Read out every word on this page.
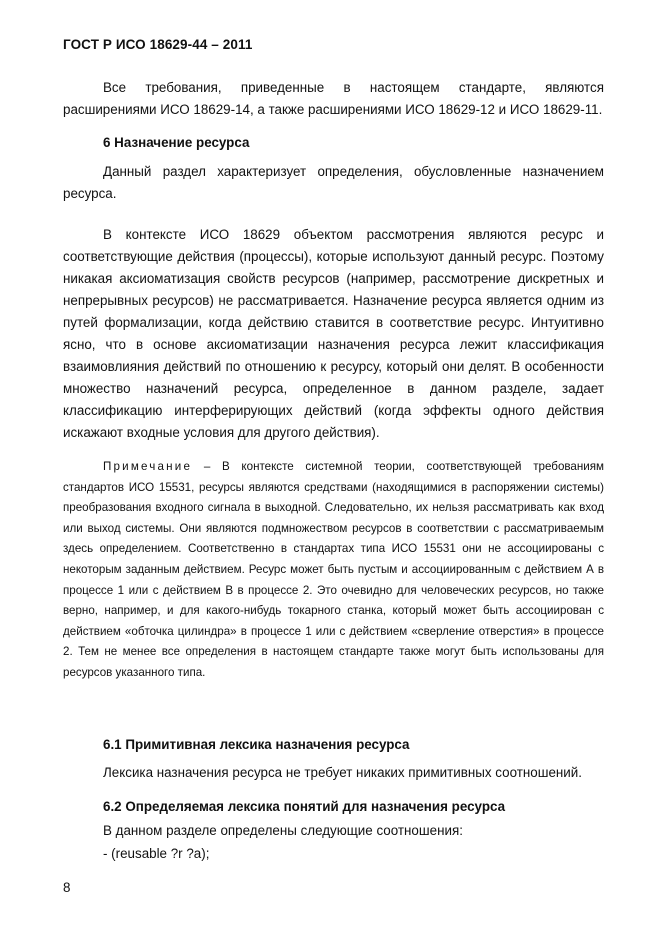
ГОСТ Р ИСО 18629-44 – 2011

Все требования, приведенные в настоящем стандарте, являются расширениями ИСО 18629-14, а также расширениями ИСО 18629-12 и ИСО 18629-11.

6 Назначение ресурса

Данный раздел характеризует определения, обусловленные назначением ресурса.

В контексте ИСО 18629 объектом рассмотрения являются ресурс и соответствующие действия (процессы), которые используют данный ресурс. Поэтому никакая аксиоматизация свойств ресурсов (например, рассмотрение дискретных и непрерывных ресурсов) не рассматривается. Назначение ресурса является одним из путей формализации, когда действию ставится в соответствие ресурс. Интуитивно ясно, что в основе аксиоматизации назначения ресурса лежит классификация взаимовлияния действий по отношению к ресурсу, который они делят. В особенности множество назначений ресурса, определенное в данном разделе, задает классификацию интерферирующих действий (когда эффекты одного действия искажают входные условия для другого действия).

Примечание – В контексте системной теории, соответствующей требованиям стандартов ИСО 15531, ресурсы являются средствами (находящимися в распоряжении системы) преобразования входного сигнала в выходной. Следовательно, их нельзя рассматривать как вход или выход системы. Они являются подмножеством ресурсов в соответствии с рассматриваемым здесь определением. Соответственно в стандартах типа ИСО 15531 они не ассоциированы с некоторым заданным действием. Ресурс может быть пустым и ассоциированным с действием А в процессе 1 или с действием В в процессе 2. Это очевидно для человеческих ресурсов, но также верно, например, и для какого-нибудь токарного станка, который может быть ассоциирован с действием «обточка цилиндра» в процессе 1 или с действием «сверление отверстия» в процессе 2. Тем не менее все определения в настоящем стандарте также могут быть использованы для ресурсов указанного типа.

6.1 Примитивная лексика назначения ресурса

Лексика назначения ресурса не требует никаких примитивных соотношений.

6.2 Определяемая лексика понятий для назначения ресурса

В данном разделе определены следующие соотношения:

- (reusable ?r ?a);

8
